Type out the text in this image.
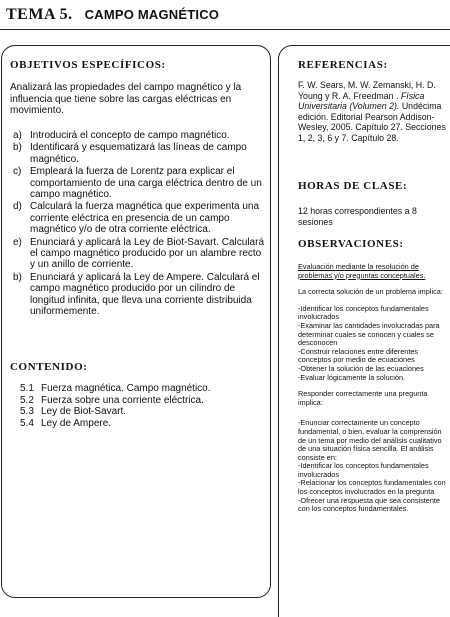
TEMA 5. CAMPO MAGNÉTICO
OBJETIVOS ESPECÍFICOS:
Analizará las propiedades del campo magnético y la influencia que tiene sobre las cargas eléctricas en movimiento.
a) Introducirá el concepto de campo magnético.
b) Identificará y esquematizará las líneas de campo magnético.
c) Empleará la fuerza de Lorentz para explicar el comportamiento de una carga eléctrica dentro de un campo magnético.
d) Calculará la fuerza magnética que experimenta una corriente eléctrica en presencia de un campo magnético y/o de otra corriente eléctrica.
e) Enunciará y aplicará la Ley de Biot-Savart. Calculará el campo magnético producido por un alambre recto y un anillo de corriente.
b) Enunciará y aplicará la Ley de Ampere. Calculará el campo magnético producido por un cilindro de longitud infinita, que lleva una corriente distribuida uniformemente.
CONTENIDO:
5.1 Fuerza magnética. Campo magnético.
5.2 Fuerza sobre una corriente eléctrica.
5.3 Ley de Biot-Savart.
5.4 Ley de Ampere.
REFERENCIAS:
F. W. Sears, M. W. Zemanski, H. D. Young y R. A. Freedman . Física Universitaria (Volumen 2). Undécima edición. Editorial Pearson Addison-Wesley, 2005. Capítulo 27. Secciones 1, 2, 3, 6 y 7. Capítulo 28.
HORAS DE CLASE:
12 horas correspondientes a 8 sesiones
OBSERVACIONES:

Evaluación mediante la resolución de problemas y/o preguntas conceptuales.

La correcta solución de un problema implica:

-Identificar los conceptos fundamentales involucrados
-Examinar las cantidades involucradas para determinar cuales se conocen y cuales se desconocen
-Construir relaciones entre diferentes conceptos por medio de ecuaciones
-Obtener la solución de las ecuaciones
-Evaluar lógicamente la solución.

Responder correctamente una pregunta implica:

-Enunciar correctamente un concepto fundamental, o bien, evaluar la comprensión de un tema por medio del análisis cualitativo de una situación física sencilla. El análisis consiste en:

-Identificar los conceptos fundamentales involucrados
-Relacionar los conceptos fundamentales con los conceptos involucrados en la pregunta
-Ofrecer una respuesta que sea consistente con los conceptos fundamentales.
